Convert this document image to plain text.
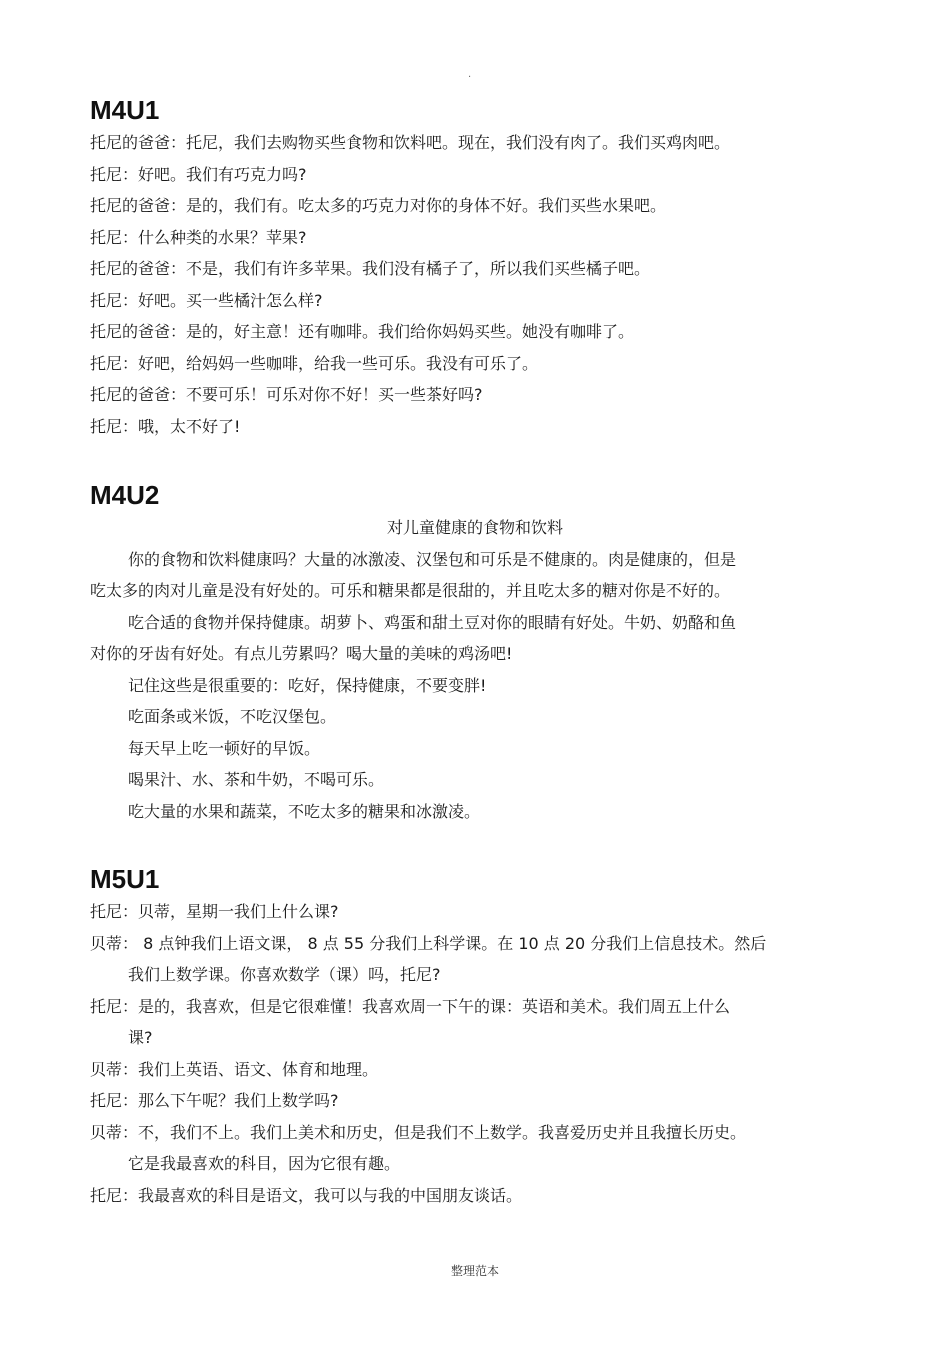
·
M4U1
托尼的爸爸：托尼，我们去购物买些食物和饮料吧。现在，我们没有肉了。我们买鸡肉吧。
托尼：好吧。我们有巧克力吗?
托尼的爸爸：是的，我们有。吃太多的巧克力对你的身体不好。我们买些水果吧。
托尼：什么种类的水果？苹果?
托尼的爸爸：不是，我们有许多苹果。我们没有橘子了，所以我们买些橘子吧。
托尼：好吧。买一些橘汁怎么样?
托尼的爸爸：是的，好主意！还有咖啡。我们给你妈妈买些。她没有咖啡了。
托尼：好吧，给妈妈一些咖啡，给我一些可乐。我没有可乐了。
托尼的爸爸：不要可乐！可乐对你不好！买一些茶好吗?
托尼：哦，太不好了!
M4U2
对儿童健康的食物和饮料
你的食物和饮料健康吗？大量的冰激凌、汉堡包和可乐是不健康的。肉是健康的，但是
吃太多的肉对儿童是没有好处的。可乐和糖果都是很甜的，并且吃太多的糖对你是不好的。
吃合适的食物并保持健康。胡萝卜、鸡蛋和甜土豆对你的眼睛有好处。牛奶、奶酪和鱼
对你的牙齿有好处。有点儿劳累吗？喝大量的美味的鸡汤吧!
记住这些是很重要的：吃好，保持健康，不要变胖!
吃面条或米饭，不吃汉堡包。
每天早上吃一顿好的早饭。
喝果汁、水、茶和牛奶，不喝可乐。
吃大量的水果和蔬菜，不吃太多的糖果和冰激凌。
M5U1
托尼：贝蒂，星期一我们上什么课?
贝蒂： 8 点钟我们上语文课， 8 点 55 分我们上科学课。在 10 点 20 分我们上信息技术。然后
我们上数学课。你喜欢数学（课）吗，托尼?
托尼：是的，我喜欢，但是它很难懂！我喜欢周一下午的课：英语和美术。我们周五上什么
课?
贝蒂：我们上英语、语文、体育和地理。
托尼：那么下午呢？我们上数学吗?
贝蒂：不，我们不上。我们上美术和历史，但是我们不上数学。我喜爱历史并且我擅长历史。
它是我最喜欢的科目，因为它很有趣。
托尼：我最喜欢的科目是语文，我可以与我的中国朋友谈话。
整理范本
